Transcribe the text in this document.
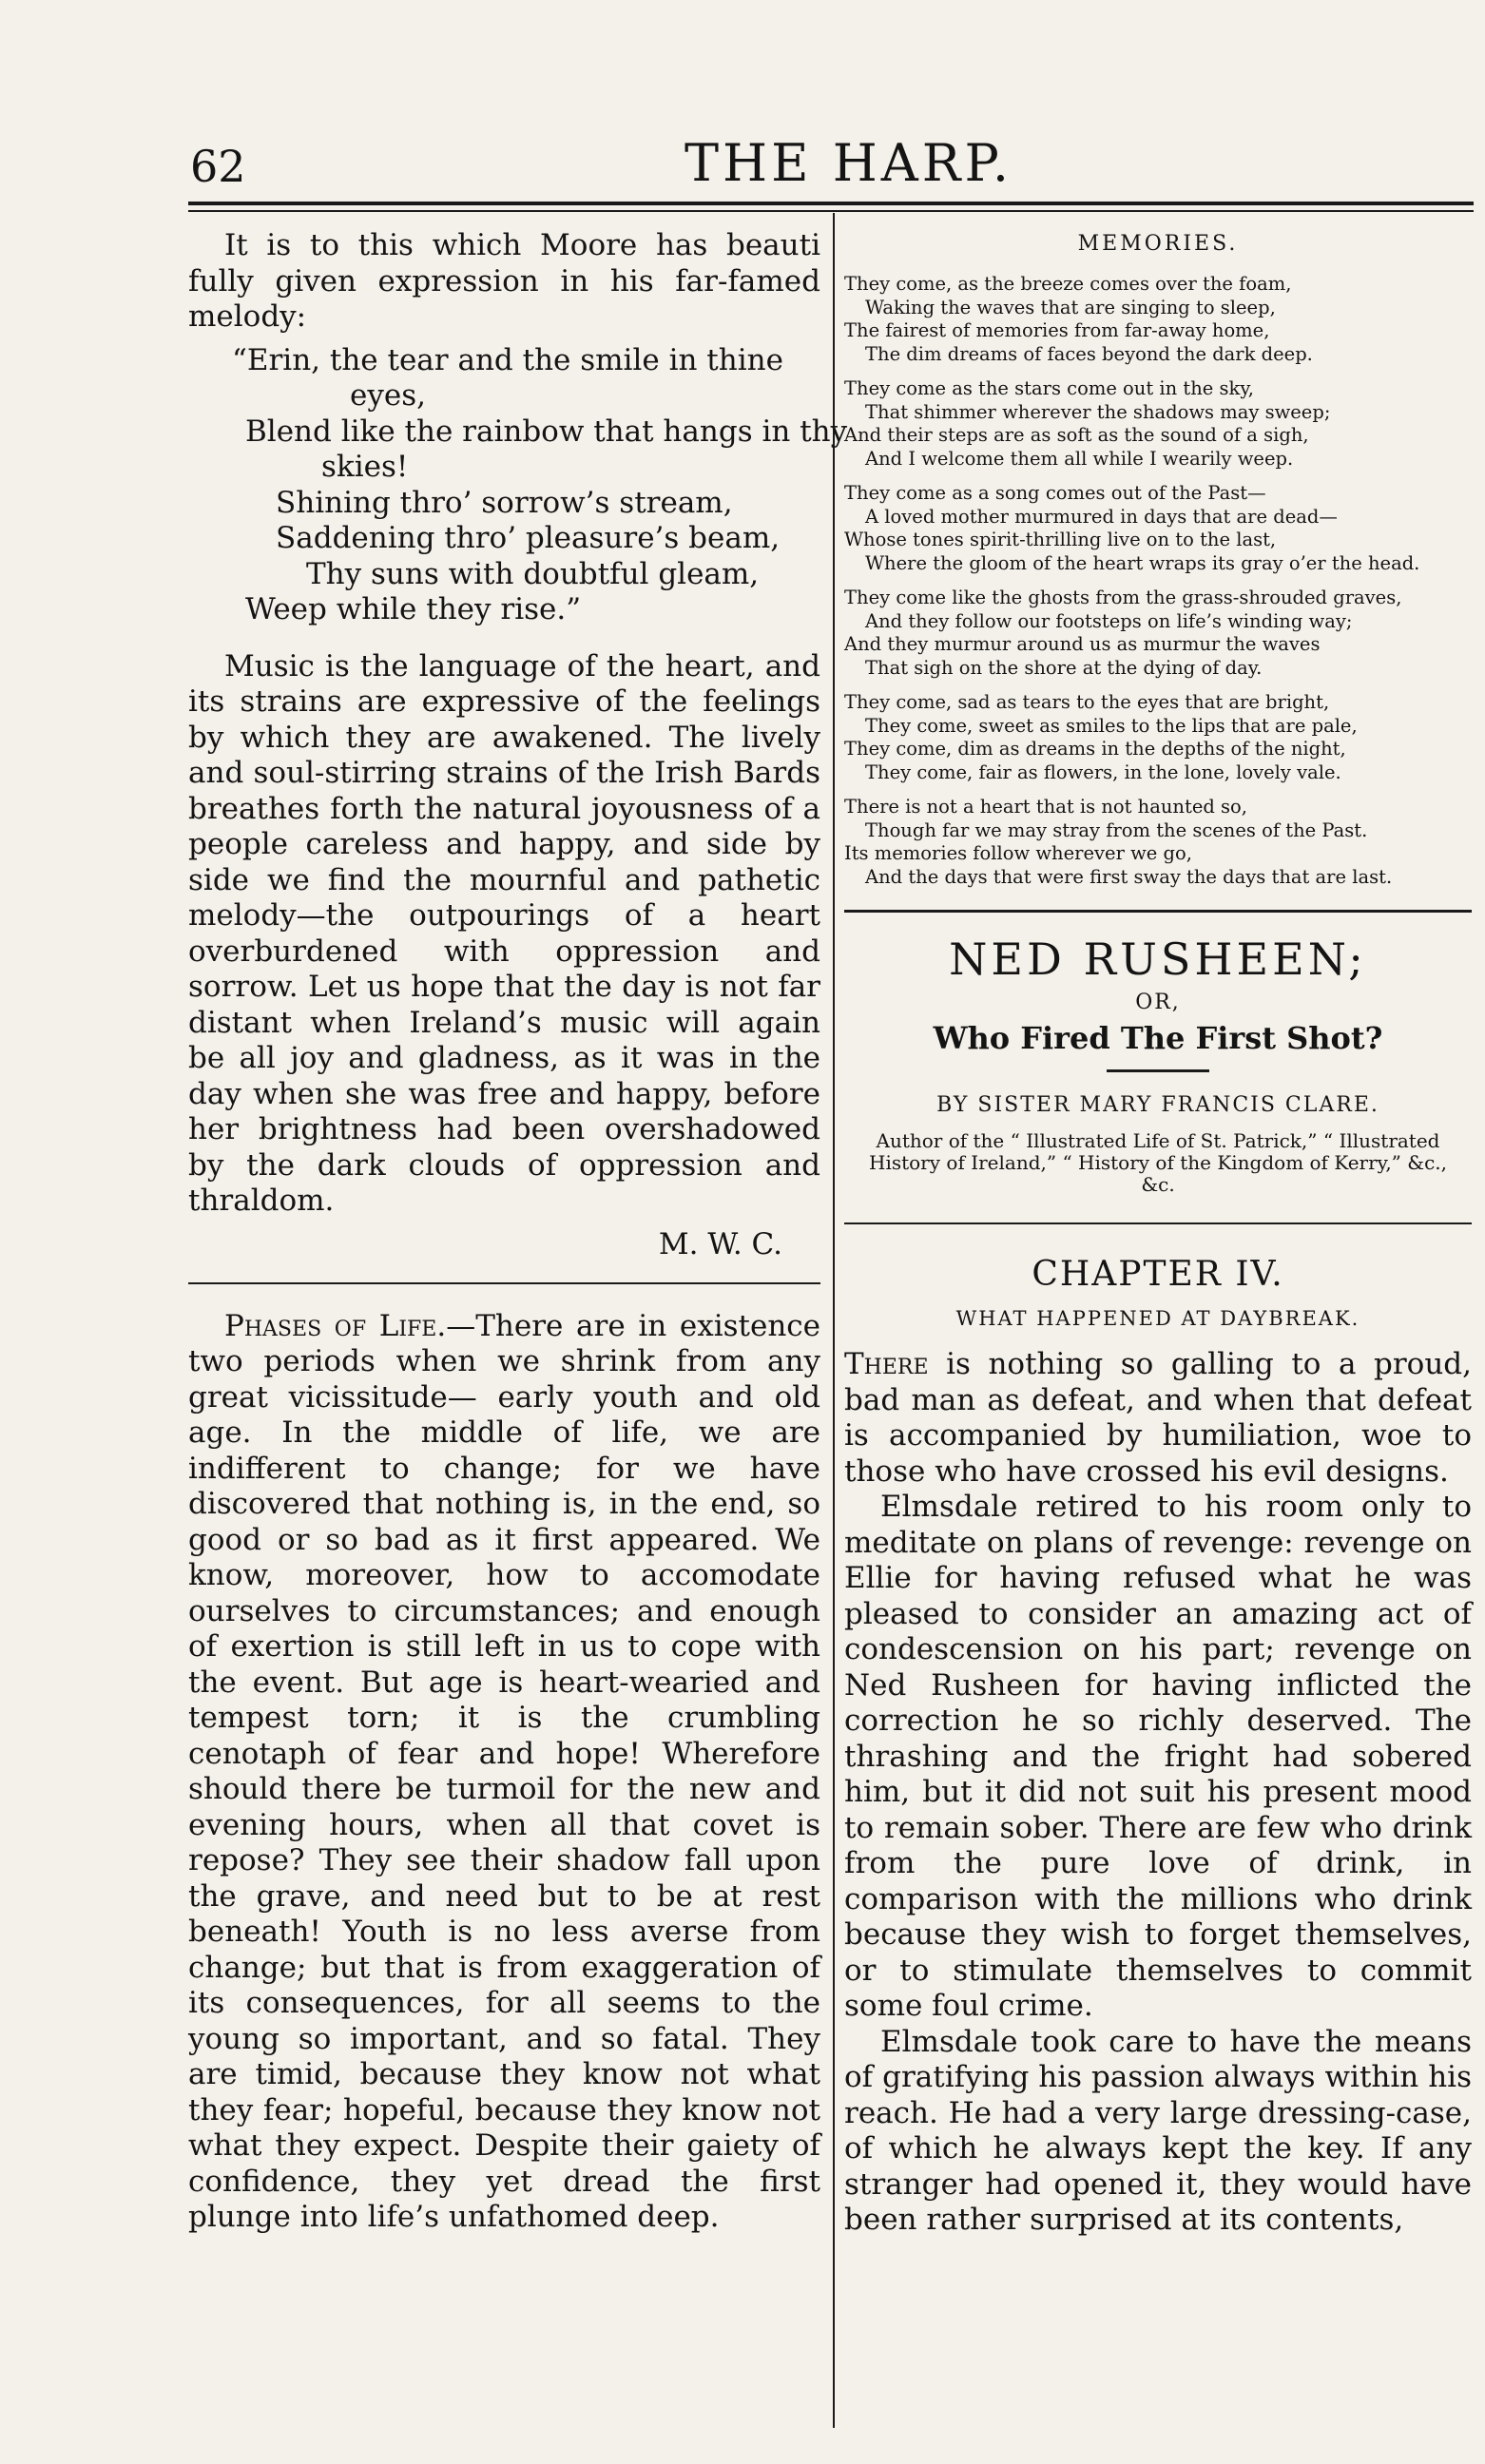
62	THE HARP.

It is to this which Moore has beauti fully given expression in his far-famed melody:

“Erin, the tear and the smile in thine
eyes,
Blend like the rainbow that hangs in thy
skies!
Shining thro’ sorrow’s stream,
Saddening thro’ pleasure’s beam,
Thy suns with doubtful gleam,
Weep while they rise.”

Music is the language of the heart, and its strains are expressive of the feelings by which they are awakened. The lively and soul-stirring strains of the Irish Bards breathes forth the natural joyousness of a people careless and happy, and side by side we find the mournful and pathetic melody—the outpourings of a heart overburdened with oppression and sorrow. Let us hope that the day is not far distant when Ireland’s music will again be all joy and gladness, as it was in the day when she was free and happy, before her brightness had been overshadowed by the dark clouds of oppression and thraldom.

M. W. C.

Phases of Life.—There are in existence two periods when we shrink from any great vicissitude— early youth and old age. In the middle of life, we are indifferent to change; for we have discovered that nothing is, in the end, so good or so bad as it first appeared. We know, moreover, how to accomodate ourselves to circumstances; and enough of exertion is still left in us to cope with the event. But age is heart-wearied and tempest torn; it is the crumbling cenotaph of fear and hope! Wherefore should there be turmoil for the new and evening hours, when all that covet is repose? They see their shadow fall upon the grave, and need but to be at rest beneath! Youth is no less averse from change; but that is from exaggeration of its consequences, for all seems to the young so important, and so fatal. They are timid, because they know not what they fear; hopeful, because they know not what they expect. Despite their gaiety of confidence, they yet dread the first plunge into life’s unfathomed deep.

MEMORIES.
They come, as the breeze comes over the foam,
Waking the waves that are singing to sleep,
The fairest of memories from far-away home,
The dim dreams of faces beyond the dark deep.
They come as the stars come out in the sky,
That shimmer wherever the shadows may sweep;
And their steps are as soft as the sound of a sigh,
And I welcome them all while I wearily weep.
They come as a song comes out of the Past—
A loved mother murmured in days that are dead—
Whose tones spirit-thrilling live on to the last,
Where the gloom of the heart wraps its gray o’er the head.
They come like the ghosts from the grass-shrouded graves,
And they follow our footsteps on life’s winding way;
And they murmur around us as murmur the waves
That sigh on the shore at the dying of day.
They come, sad as tears to the eyes that are bright,
They come, sweet as smiles to the lips that are pale,
They come, dim as dreams in the depths of the night,
They come, fair as flowers, in the lone, lovely vale.
There is not a heart that is not haunted so,
Though far we may stray from the scenes of the Past.
Its memories follow wherever we go,
And the days that were first sway the days that are last.
NED RUSHEEN;
OR,
Who Fired The First Shot?
BY SISTER MARY FRANCIS CLARE.
Author of the “ Illustrated Life of St. Patrick,” “ Illustrated History of Ireland,” “ History of the Kingdom of Kerry,” &c., &c.
CHAPTER IV.
WHAT HAPPENED AT DAYBREAK.

There is nothing so galling to a proud, bad man as defeat, and when that defeat is accompanied by humiliation, woe to those who have crossed his evil designs.

Elmsdale retired to his room only to meditate on plans of revenge: revenge on Ellie for having refused what he was pleased to consider an amazing act of condescension on his part; revenge on Ned Rusheen for having inflicted the correction he so richly deserved. The thrashing and the fright had sobered him, but it did not suit his present mood to remain sober. There are few who drink from the pure love of drink, in comparison with the millions who drink because they wish to forget themselves, or to stimulate themselves to commit some foul crime.

Elmsdale took care to have the means of gratifying his passion always within his reach. He had a very large dressing-case, of which he always kept the key. If any stranger had opened it, they would have been rather surprised at its contents,
